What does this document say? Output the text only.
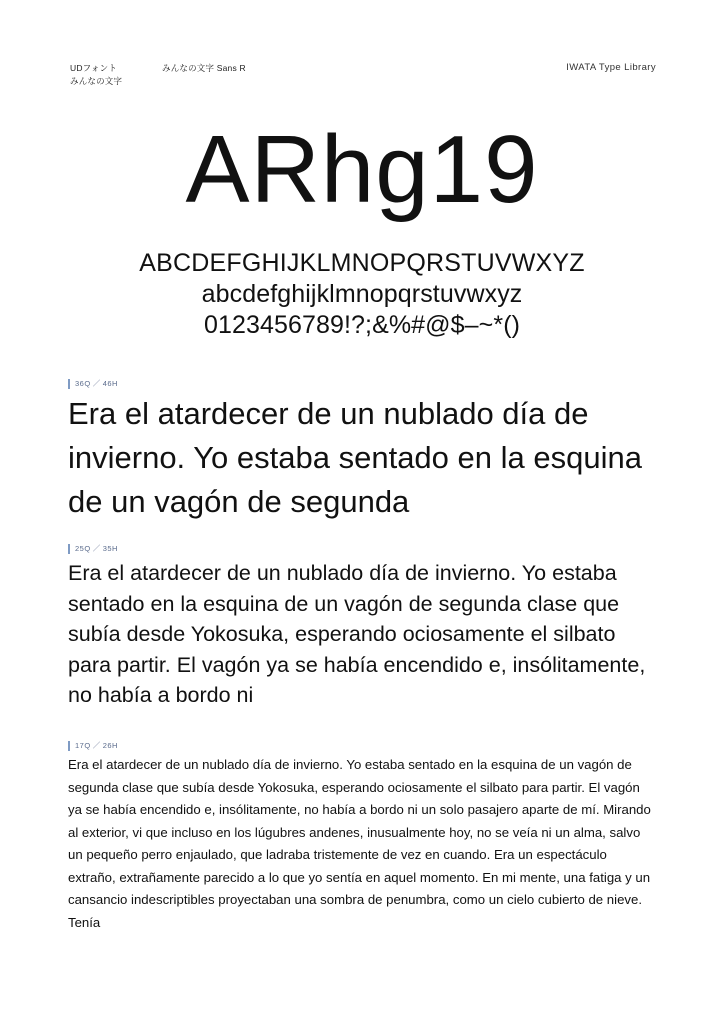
UDフォント
みんなの文字
みんなの文字 Sans R	IWATA Type Library
ARhg19
ABCDEFGHIJKLMNOPQRSTUVWXYZ
abcdefghijklmnopqrstuvwxyz
0123456789!?;&%#@$–~*()
36Q ／ 46H
Era el atardecer de un nublado día de invierno. Yo estaba sentado en la esquina de un vagón de segunda
25Q ／ 35H
Era el atardecer de un nublado día de invierno. Yo estaba sentado en la esquina de un vagón de segunda clase que subía desde Yokosuka, esperando ociosamente el silbato para partir. El vagón ya se había encendido e, insólitamente, no había a bordo ni
17Q ／ 26H
Era el atardecer de un nublado día de invierno. Yo estaba sentado en la esquina de un vagón de segunda clase que subía desde Yokosuka, esperando ociosamente el silbato para partir. El vagón ya se había encendido e, insólitamente, no había a bordo ni un solo pasajero aparte de mí. Mirando al exterior, vi que incluso en los lúgubres andenes, inusualmente hoy, no se veía ni un alma, salvo un pequeño perro enjaulado, que ladraba tristemente de vez en cuando. Era un espectáculo extraño, extrañamente parecido a lo que yo sentía en aquel momento. En mi mente, una fatiga y un cansancio indescriptibles proyectaban una sombra de penumbra, como un cielo cubierto de nieve. Tenía
